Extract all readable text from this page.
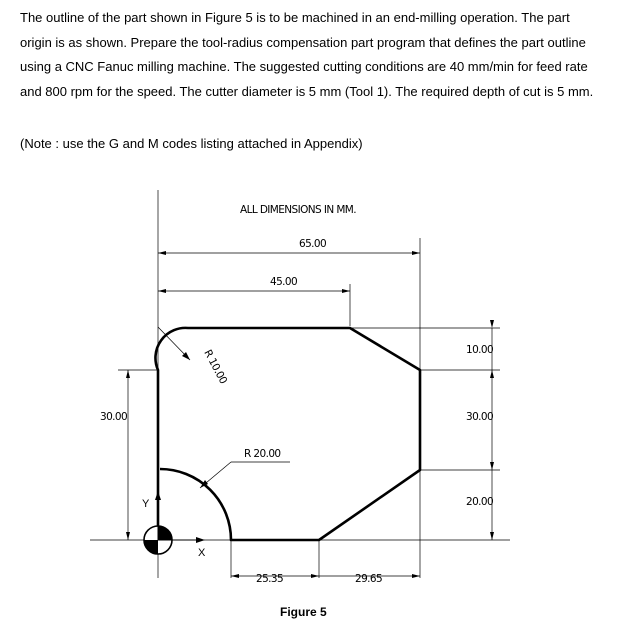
The outline of the part shown in Figure 5 is to be machined in an end-milling operation. The part origin is as shown. Prepare the tool-radius compensation part program that defines the part outline using a CNC Fanuc milling machine. The suggested cutting conditions are 40 mm/min for feed rate and 800 rpm for the speed. The cutter diameter is 5 mm (Tool 1). The required depth of cut is 5 mm.

(Note : use the G and M codes listing attached in Appendix)

ALL DIMENSIONS IN MM.
65.00
45.00
30.00
10.00
30.00
20.00
25.35	29.65
R 20.00
R 10.00
Y
X
Figure 5
